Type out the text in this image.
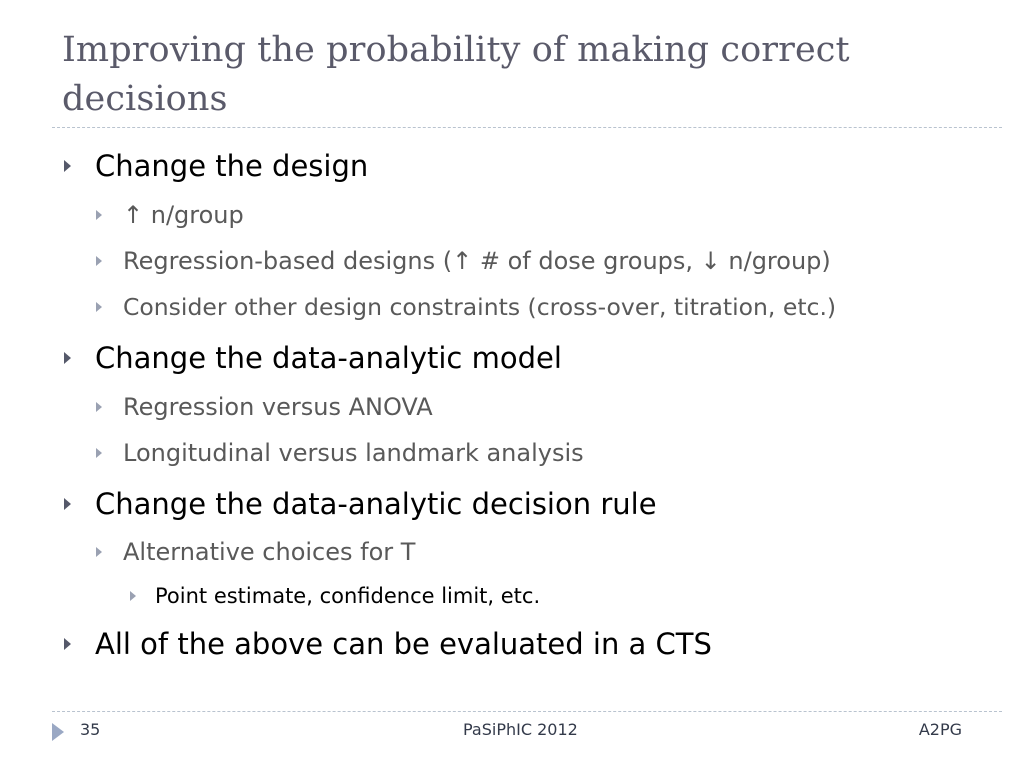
Improving the probability of making correct decisions
Change the design
↑ n/group
Regression-based designs (↑ # of dose groups, ↓ n/group)
Consider other design constraints (cross-over, titration, etc.)
Change the data-analytic model
Regression versus ANOVA
Longitudinal versus landmark analysis
Change the data-analytic decision rule
Alternative choices for T
Point estimate, confidence limit, etc.
All of the above can be evaluated in a CTS
35	PaSiPhIC 2012	A2PG
